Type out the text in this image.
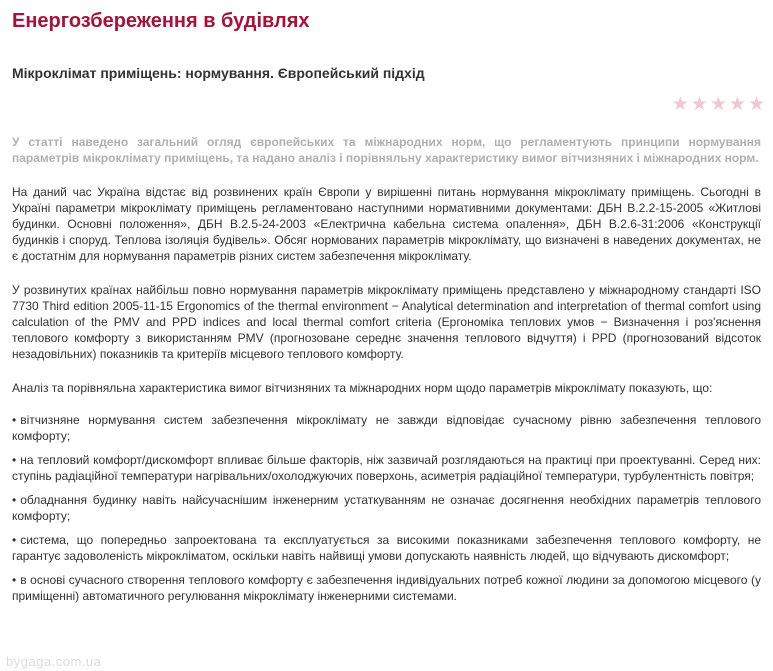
Енергозбереження в будівлях
Мікроклімат приміщень: нормування. Європейський підхід
У статті наведено загальний огляд європейських та міжнародних норм, що регламентують принципи нормування параметрів мікроклімату приміщень, та надано аналіз і порівняльну характеристику вимог вітчизняних і міжнародних норм.

На даний час Україна відстає від розвинених країн Європи у вирішенні питань нормування мікроклімату приміщень. Сьогодні в Україні параметри мікроклімату приміщень регламентовано наступними нормативними документами: ДБН В.2.2-15-2005 «Житлові будинки. Основні положення», ДБН В.2.5-24-2003 «Електрична кабельна система опалення», ДБН В.2.6-31:2006 «Конструкції будинків і споруд. Теплова ізоляція будівель». Обсяг нормованих параметрів мікроклімату, що визначені в наведених документах, не є достатнім для нормування параметрів різних систем забезпечення мікроклімату.

У розвинутих країнах найбільш повно нормування параметрів мікроклімату приміщень представлено у міжнародному стандарті ISO 7730 Third edition 2005-11-15 Ergonomics of the thermal environment − Analytical determination and interpretation of thermal comfort using calculation of the PMV and PPD indices and local thermal comfort criteria (Ергономіка теплових умов − Визначення і роз'яснення теплового комфорту з використанням PMV (прогнозоване середнє значення теплового відчуття) і PPD (прогнозований відсоток незадовільних) показників та критеріїв місцевого теплового комфорту.

Аналіз та порівняльна характеристика вимог вітчизняних та міжнародних норм щодо параметрів мікроклімату показують, що:

• вітчизняне нормування систем забезпечення мікроклімату не завжди відповідає сучасному рівню забезпечення теплового комфорту;
• на тепловий комфорт/дискомфорт впливає більше факторів, ніж зазвичай розглядаються на практиці при проектуванні. Серед них: ступінь радіаційної температури нагрівальних/охолоджуючих поверхонь, асиметрія радіаційної температури, турбулентність повітря;
• обладнання будинку навіть найсучаснішим інженерним устаткуванням не означає досягнення необхідних параметрів теплового комфорту;
• система, що попередньо запроектована та експлуатується за високими показниками забезпечення теплового комфорту, не гарантує задоволеність мікрокліматом, оскільки навіть найвищі умови допускають наявність людей, що відчувають дискомфорт;
• в основі сучасного створення теплового комфорту є забезпечення індивідуальних потреб кожної людини за допомогою місцевого (у приміщенні) автоматичного регулювання мікроклімату інженерними системами.
★ ★ ★ ★ ★
bygaga.com.ua
